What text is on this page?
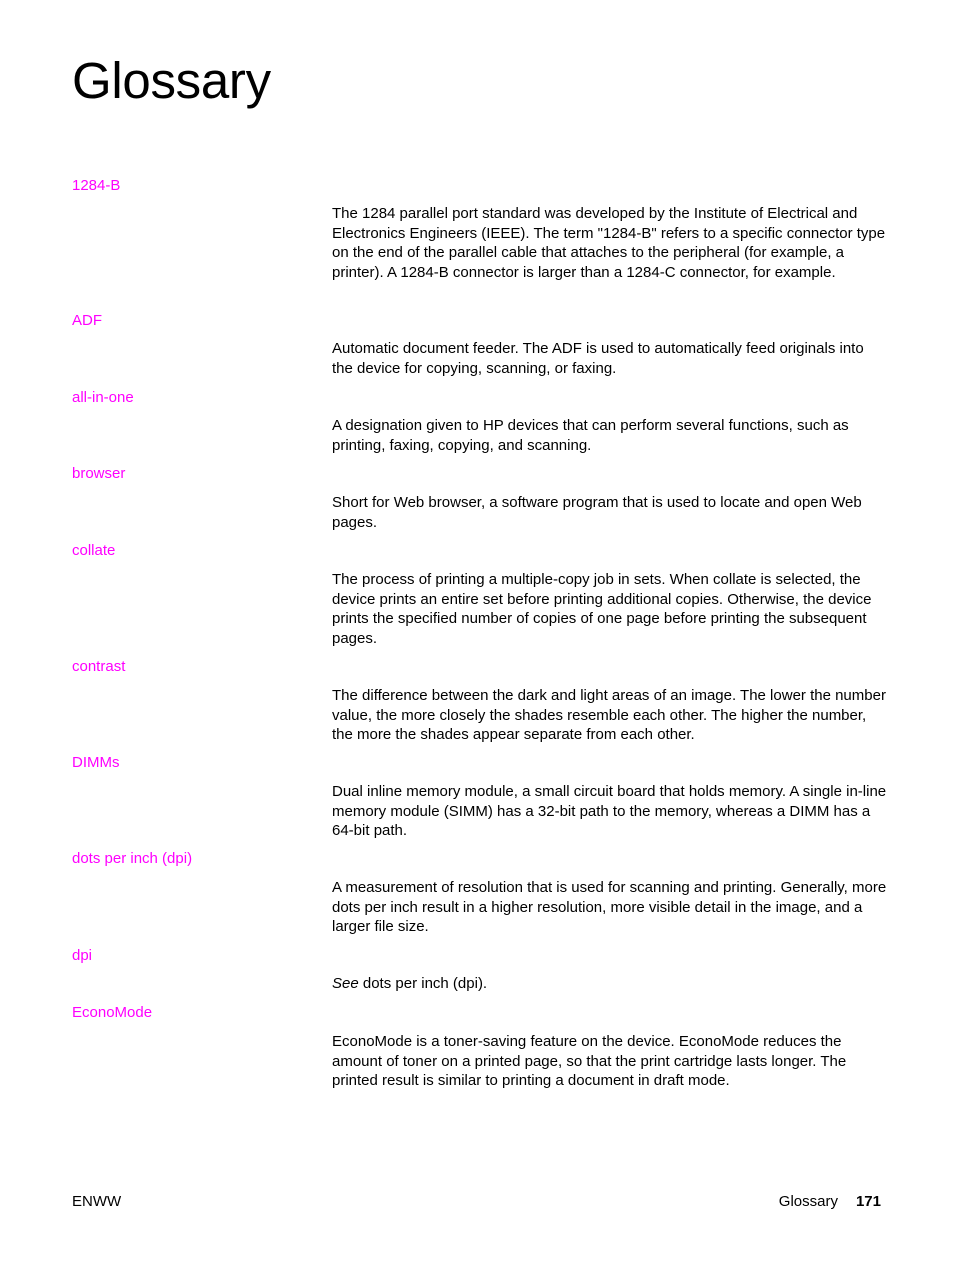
Glossary
1284-B

The 1284 parallel port standard was developed by the Institute of Electrical and Electronics Engineers (IEEE). The term "1284-B" refers to a specific connector type on the end of the parallel cable that attaches to the peripheral (for example, a printer). A 1284-B connector is larger than a 1284-C connector, for example.

ADF

Automatic document feeder. The ADF is used to automatically feed originals into the device for copying, scanning, or faxing.

all-in-one

A designation given to HP devices that can perform several functions, such as printing, faxing, copying, and scanning.

browser

Short for Web browser, a software program that is used to locate and open Web pages.

collate

The process of printing a multiple-copy job in sets. When collate is selected, the device prints an entire set before printing additional copies. Otherwise, the device prints the specified number of copies of one page before printing the subsequent pages.

contrast

The difference between the dark and light areas of an image. The lower the number value, the more closely the shades resemble each other. The higher the number, the more the shades appear separate from each other.

DIMMs

Dual inline memory module, a small circuit board that holds memory. A single in-line memory module (SIMM) has a 32-bit path to the memory, whereas a DIMM has a 64-bit path.

dots per inch (dpi)

A measurement of resolution that is used for scanning and printing. Generally, more dots per inch result in a higher resolution, more visible detail in the image, and a larger file size.

dpi

See dots per inch (dpi).

EconoMode

EconoMode is a toner-saving feature on the device. EconoMode reduces the amount of toner on a printed page, so that the print cartridge lasts longer. The printed result is similar to printing a document in draft mode.

ENWW	Glossary 171
